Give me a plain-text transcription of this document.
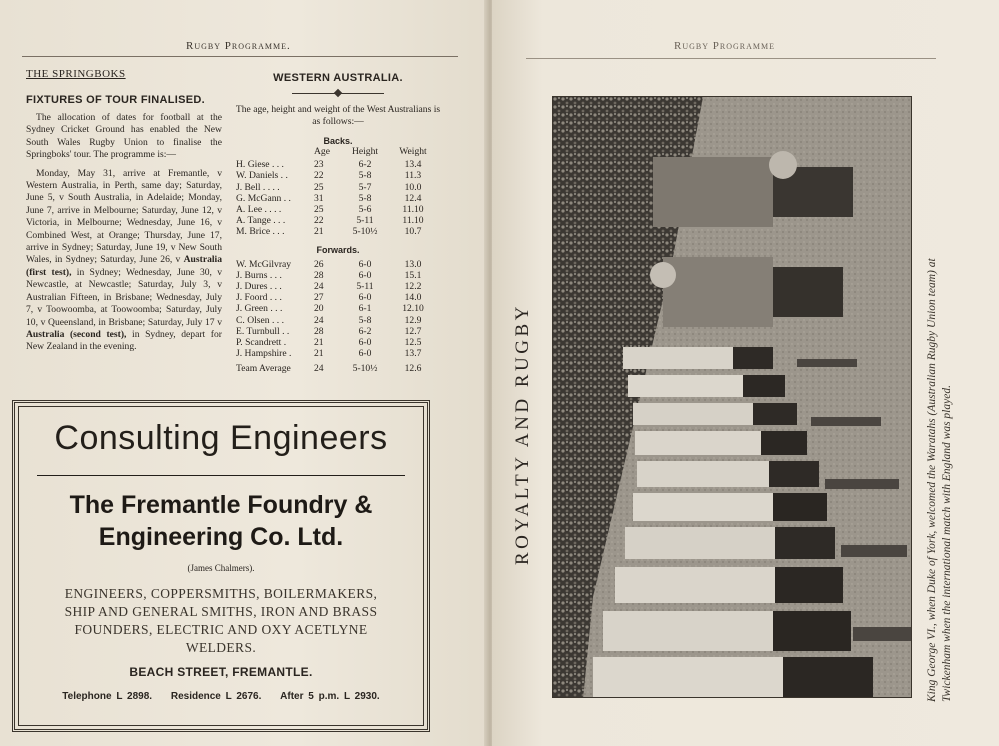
Rugby Programme.
THE SPRINGBOKS
FIXTURES OF TOUR FINALISED.

The allocation of dates for football at the Sydney Cricket Ground has enabled the New South Wales Rugby Union to finalise the Springboks' tour. The programme is:—

Monday, May 31, arrive at Fremantle, v Western Australia, in Perth, same day; Saturday, June 5, v South Australia, in Adelaide; Monday, June 7, arrive in Melbourne; Saturday, June 12, v Victoria, in Melbourne; Wednesday, June 16, v Combined West, at Orange; Thursday, June 17, arrive in Sydney; Saturday, June 19, v New South Wales, in Sydney; Saturday, June 26, v Australia (first test), in Sydney; Wednesday, June 30, v Newcastle, at Newcastle; Saturday, July 3, v Australian Fifteen, in Brisbane; Wednesday, July 7, v Toowoomba, at Toowoomba; Saturday, July 10, v Queensland, in Brisbane; Saturday, July 17 v Australia (second test), in Sydney, depart for New Zealand in the evening.

WESTERN AUSTRALIA.
The age, height and weight of the West Australians is as follows:—
Backs.
	Age	Height	Weight
H. Giese . . .	23	6-2	13.4
W. Daniels . .	22	5-8	11.3
J. Bell . . . .	25	5-7	10.0
G. McGann . .	31	5-8	12.4
A. Lee . . . .	25	5-6	11.10
A. Tange . . .	22	5-11	11.10
M. Brice . . .	21	5-10½	10.7
Forwards.
W. McGilvray	26	6-0	13.0
J. Burns . . .	28	6-0	15.1
J. Dures . . .	24	5-11	12.2
J. Foord . . .	27	6-0	14.0
J. Green . . .	20	6-1	12.10
C. Olsen . . .	24	5-8	12.9
E. Turnbull . .	28	6-2	12.7
P. Scandrett .	21	6-0	12.5
J. Hampshire .	21	6-0	13.7
Team Average	24	5-10½	12.6
Consulting Engineers
The Fremantle Foundry &
Engineering Co. Ltd.
(James Chalmers).
ENGINEERS, COPPERSMITHS, BOILERMAKERS,
SHIP AND GENERAL SMITHS, IRON AND BRASS
FOUNDERS, ELECTRIC AND OXY ACETLYNE
WELDERS.
BEACH STREET, FREMANTLE.
Telephone L 2898. Residence L 2676. After 5 p.m. L 2930.
Rugby Programme
ROYALTY AND RUGBY	King George VI., when Duke of York, welcomed the Waratahs (Australian Rugby Union team) at Twickenham when the international match with England was played.
